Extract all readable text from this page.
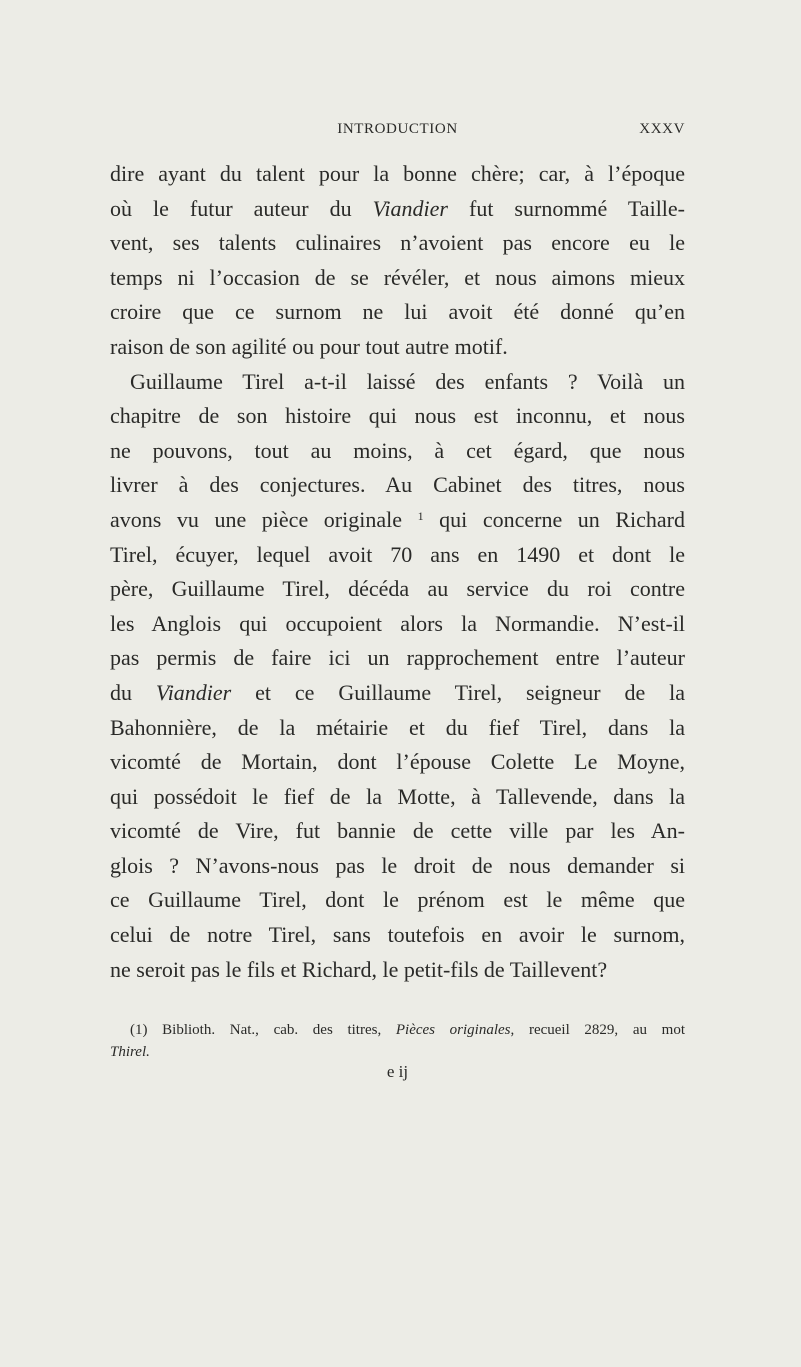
INTRODUCTION	XXXV
dire ayant du talent pour la bonne chère; car, à l’époque
où le futur auteur du Viandier fut surnommé Taille-
vent, ses talents culinaires n’avoient pas encore eu le
temps ni l’occasion de se révéler, et nous aimons mieux
croire que ce surnom ne lui avoit été donné qu’en
raison de son agilité ou pour tout autre motif.
Guillaume Tirel a-t-il laissé des enfants ? Voilà un
chapitre de son histoire qui nous est inconnu, et nous
ne pouvons, tout au moins, à cet égard, que nous
livrer à des conjectures. Au Cabinet des titres, nous
avons vu une pièce originale $^1$ qui concerne un Richard
Tirel, écuyer, lequel avoit 70 ans en 1490 et dont le
père, Guillaume Tirel, décéda au service du roi contre
les Anglois qui occupoient alors la Normandie. N’est-il
pas permis de faire ici un rapprochement entre l’auteur
du Viandier et ce Guillaume Tirel, seigneur de la
Bahonnière, de la métairie et du fief Tirel, dans la
vicomté de Mortain, dont l’épouse Colette Le Moyne,
qui possédoit le fief de la Motte, à Tallevende, dans la
vicomté de Vire, fut bannie de cette ville par les An-
glois ? N’avons-nous pas le droit de nous demander si
ce Guillaume Tirel, dont le prénom est le même que
celui de notre Tirel, sans toutefois en avoir le surnom,
ne seroit pas le fils et Richard, le petit-fils de Taillevent?
(1) Biblioth. Nat., cab. des titres, Pièces originales, recueil 2829, au mot
Thirel.
e ij
